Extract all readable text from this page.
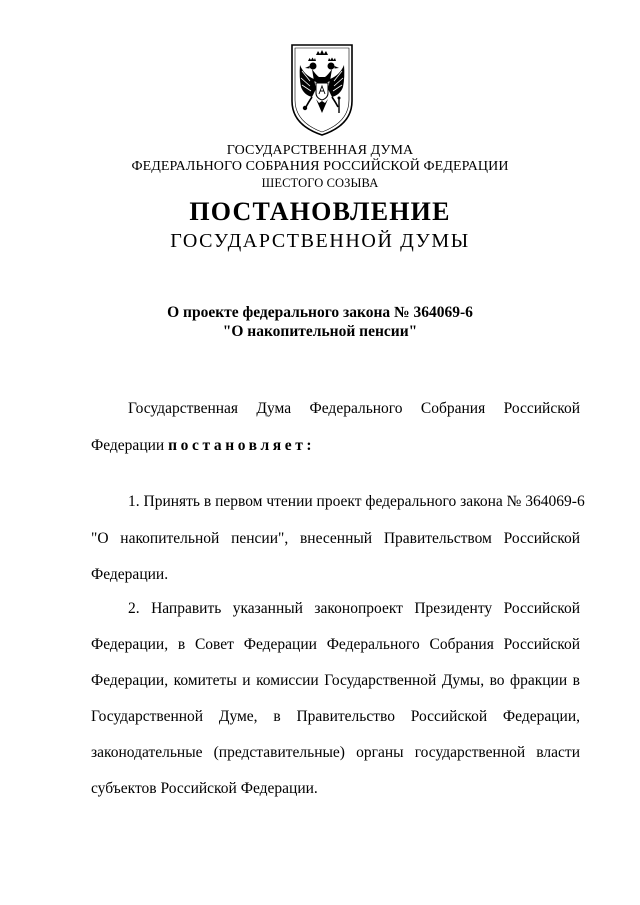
ГОСУДАРСТВЕННАЯ ДУМА
ФЕДЕРАЛЬНОГО СОБРАНИЯ РОССИЙСКОЙ ФЕДЕРАЦИИ
ШЕСТОГО СОЗЫВА
ПОСТАНОВЛЕНИЕ
ГОСУДАРСТВЕННОЙ ДУМЫ
О проекте федерального закона № 364069-6
"О накопительной пенсии"
Государственная Дума Федерального Собрания Российской
Федерации постановляет:
1. Принять в первом чтении проект федерального закона № 364069-6
"О накопительной пенсии", внесенный Правительством Российской
Федерации.
2. Направить указанный законопроект Президенту Российской
Федерации, в Совет Федерации Федерального Собрания Российской
Федерации, комитеты и комиссии Государственной Думы, во фракции в
Государственной Думе, в Правительство Российской Федерации,
законодательные (представительные) органы государственной власти
субъектов Российской Федерации.
